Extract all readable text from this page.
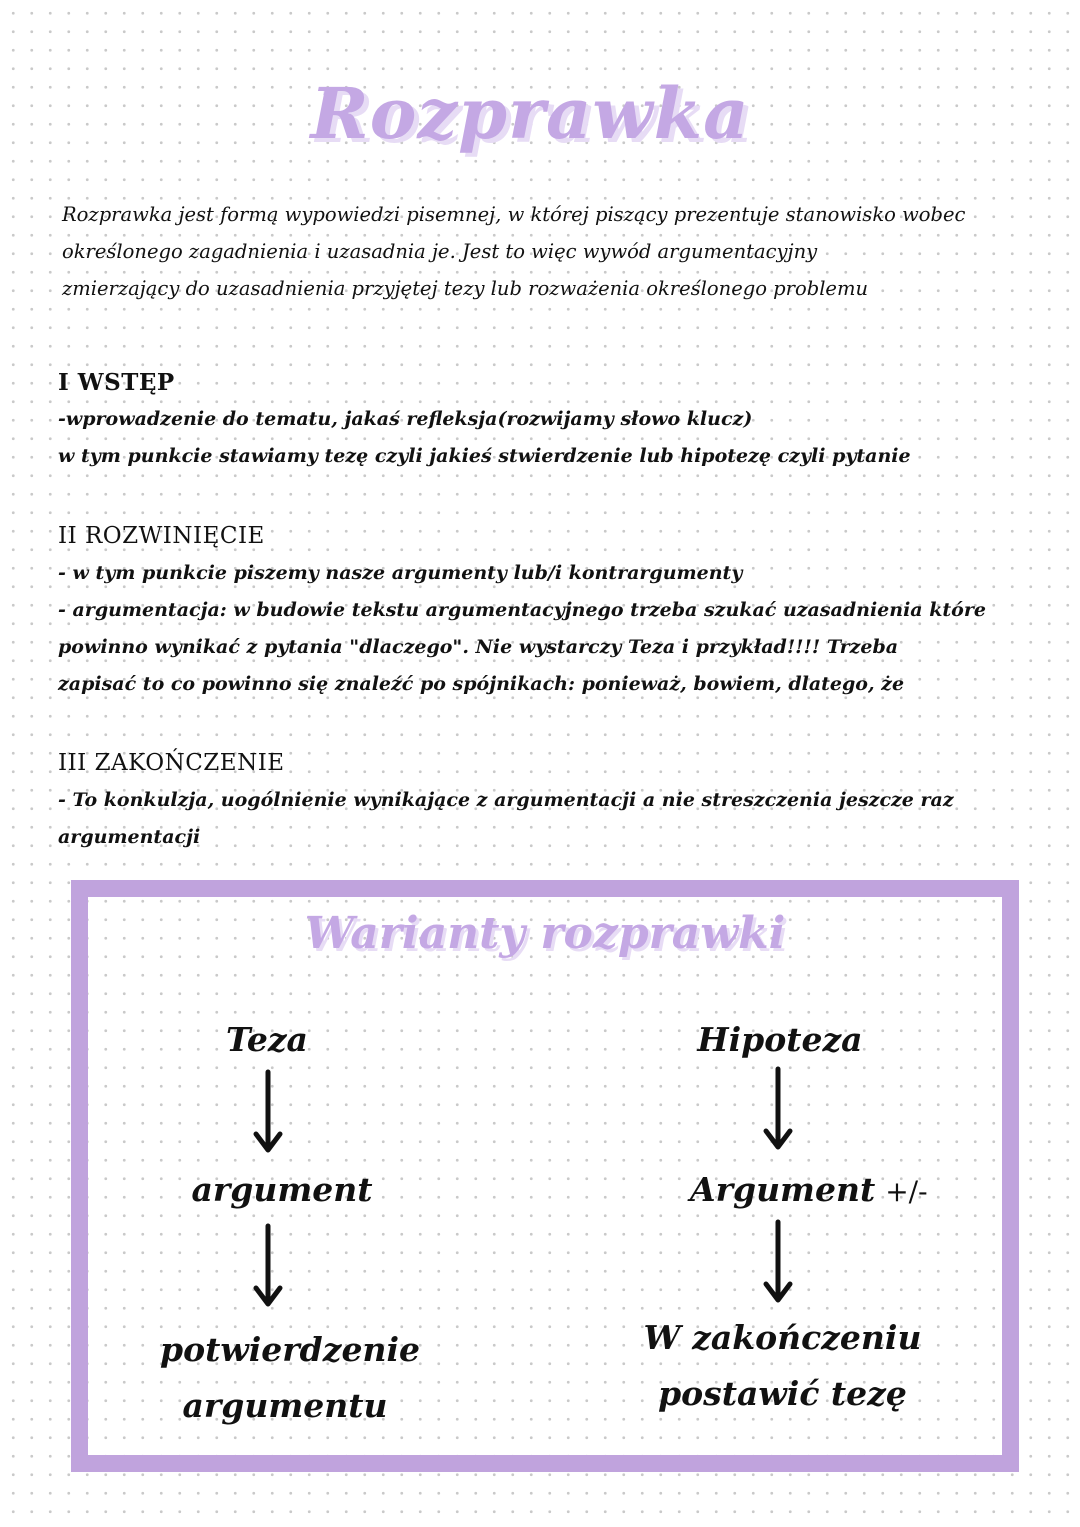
Rozprawka
Rozprawka jest formą wypowiedzi pisemnej, w której piszący prezentuje stanowisko wobec
określonego zagadnienia i uzasadnia je. Jest to więc wywód argumentacyjny
zmierzający do uzasadnienia przyjętej tezy lub rozważenia określonego problemu
I WSTĘP
-wprowadzenie do tematu, jakaś refleksja(rozwijamy słowo klucz)
w tym punkcie stawiamy tezę czyli jakieś stwierdzenie lub hipotezę czyli pytanie
II ROZWINIĘCIE
- w tym punkcie piszemy nasze argumenty lub/i kontrargumenty
- argumentacja: w budowie tekstu argumentacyjnego trzeba szukać uzasadnienia które
powinno wynikać z pytania "dlaczego". Nie wystarczy Teza i przykład!!!! Trzeba
zapisać to co powinno się znaleźć po spójnikach: ponieważ, bowiem, dlatego, że
III ZAKOŃCZENIE
- To konkulzja, uogólnienie wynikające z argumentacji a nie streszczenia jeszcze raz
argumentacji
Warianty rozprawki
Teza
argument
potwierdzenie
argumentu
Hipoteza
Argument +/-
W zakończeniu
postawić tezę
